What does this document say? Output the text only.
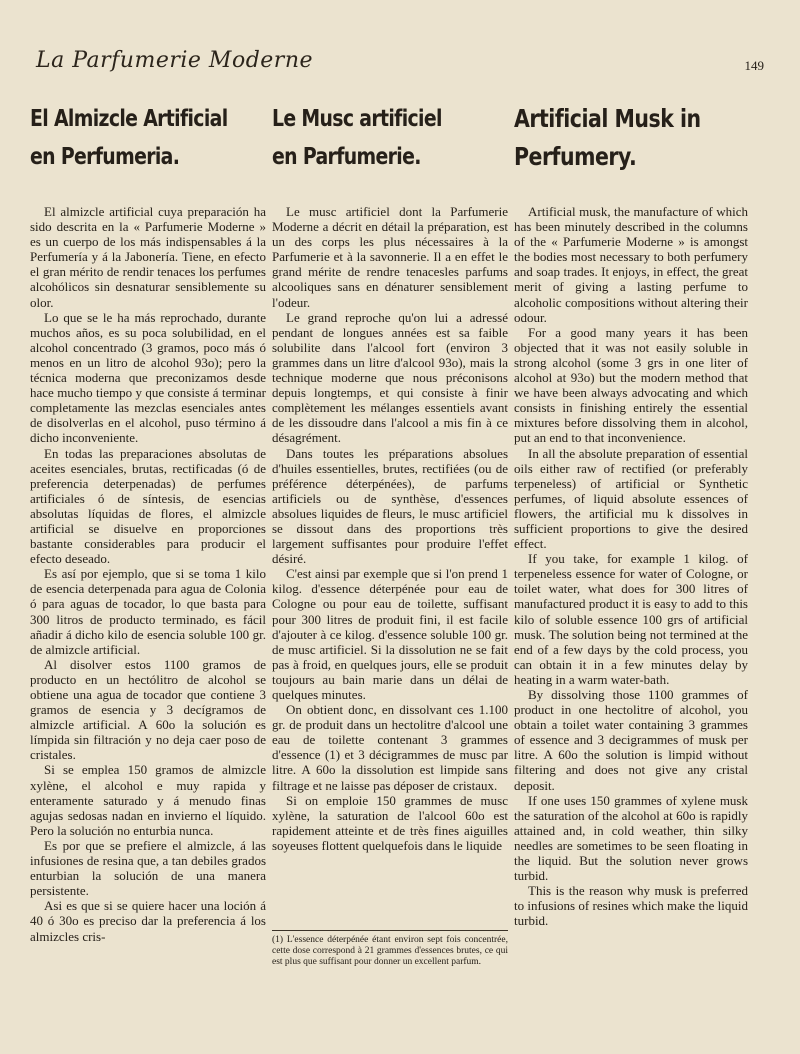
La Parfumerie Moderne	149
El Almizcle Artificial
en Perfumeria.

El almizcle artificial cuya preparación ha sido descrita en la « Parfumerie Moderne » es un cuerpo de los más indispensables á la Perfumería y á la Jabonería. Tiene, en efecto el gran mérito de rendir tenaces los perfumes alcohólicos sin desnaturar sensiblemente su olor.

Lo que se le ha más reprochado, durante muchos años, es su poca solubilidad, en el alcohol concentrado (3 gramos, poco más ó menos en un litro de alcohol 93o); pero la técnica moderna que preconizamos desde hace mucho tiempo y que consiste á terminar completamente las mezclas esenciales antes de disolverlas en el alcohol, puso término á dicho inconveniente.

En todas las preparaciones absolutas de aceites esenciales, brutas, rectificadas (ó de preferencia deterpenadas) de perfumes artificiales ó de síntesis, de esencias absolutas líquidas de flores, el almizcle artificial se disuelve en proporciones bastante considerables para producir el efecto deseado.

Es así por ejemplo, que si se toma 1 kilo de esencia deterpenada para agua de Colonia ó para aguas de tocador, lo que basta para 300 litros de producto terminado, es fácil añadir á dicho kilo de esencia soluble 100 gr. de almizcle artificial.

Al disolver estos 1100 gramos de producto en un hectólitro de alcohol se obtiene una agua de tocador que contiene 3 gramos de esencia y 3 decígramos de almizcle artificial. A 60o la solución es límpida sin filtración y no deja caer poso de cristales.

Si se emplea 150 gramos de almizcle xylène, el alcohol e muy rapida y enteramente saturado y á menudo finas agujas sedosas nadan en invierno el líquido. Pero la solución no enturbia nunca.

Es por que se prefiere el almizcle, á las infusiones de resina que, a tan debiles grados enturbian la solución de una manera persistente.

Asi es que si se quiere hacer una loción á 40 ó 30o es preciso dar la preferencia á los almizcles cris-

Le Musc artificiel
en Parfumerie.

Le musc artificiel dont la Parfumerie Moderne a décrit en détail la préparation, est un des corps les plus nécessaires à la Parfumerie et à la savonnerie. Il a en effet le grand mérite de rendre tenacesles parfums alcooliques sans en dénaturer sensiblement l'odeur.

Le grand reproche qu'on lui a adressé pendant de longues années est sa faible solubilite dans l'alcool fort (environ 3 grammes dans un litre d'alcool 93o), mais la technique moderne que nous préconisons depuis longtemps, et qui consiste à finir complètement les mélanges essentiels avant de les dissoudre dans l'alcool a mis fin à ce désagrément.

Dans toutes les préparations absolues d'huiles essentielles, brutes, rectifiées (ou de préférence déterpénées), de parfums artificiels ou de synthèse, d'essences absolues liquides de fleurs, le musc artificiel se dissout dans des proportions très largement suffisantes pour produire l'effet désiré.

C'est ainsi par exemple que si l'on prend 1 kilog. d'essence déterpénée pour eau de Cologne ou pour eau de toilette, suffisant pour 300 litres de produit fini, il est facile d'ajouter à ce kilog. d'essence soluble 100 gr. de musc artificiel. Si la dissolution ne se fait pas à froid, en quelques jours, elle se produit toujours au bain marie dans un délai de quelques minutes.

On obtient donc, en dissolvant ces 1.100 gr. de produit dans un hectolitre d'alcool une eau de toilette contenant 3 grammes d'essence (1) et 3 décigrammes de musc par litre. A 60o la dissolution est limpide sans filtrage et ne laisse pas déposer de cristaux.

Si on emploie 150 grammes de musc xylène, la saturation de l'alcool 60o est rapidement atteinte et de très fines aiguilles soyeuses flottent quelquefois dans le liquide

(1) L'essence déterpénée étant environ sept fois concentrée, cette dose correspond à 21 grammes d'essences brutes, ce qui est plus que suffisant pour donner un excellent parfum.
Artificial Musk in
Perfumery.

Artificial musk, the manufacture of which has been minutely described in the columns of the « Parfumerie Moderne » is amongst the bodies most necessary to both perfumery and soap trades. It enjoys, in effect, the great merit of giving a lasting perfume to alcoholic compositions without altering their odour.

For a good many years it has been objected that it was not easily soluble in strong alcohol (some 3 grs in one liter of alcohol at 93o) but the modern method that we have been always advocating and which consists in finishing entirely the essential mixtures before dissolving them in alcohol, put an end to that inconvenience.

In all the absolute preparation of essential oils either raw of rectified (or preferably terpeneless) of artificial or Synthetic perfumes, of liquid absolute essences of flowers, the artificial mu k dissolves in sufficient proportions to give the desired effect.

If you take, for example 1 kilog. of terpeneless essence for water of Cologne, or toilet water, what does for 300 litres of manufactured product it is easy to add to this kilo of soluble essence 100 grs of artificial musk. The solution being not termined at the end of a few days by the cold process, you can obtain it in a few minutes delay by heating in a warm water-bath.

By dissolving those 1100 grammes of product in one hectolitre of alcohol, you obtain a toilet water containing 3 grammes of essence and 3 decigrammes of musk per litre. A 60o the solution is limpid without filtering and does not give any cristal deposit.

If one uses 150 grammes of xylene musk the saturation of the alcohol at 60o is rapidly attained and, in cold weather, thin silky needles are sometimes to be seen floating in the liquid. But the solution never grows turbid.

This is the reason why musk is preferred to infusions of resines which make the liquid turbid.
